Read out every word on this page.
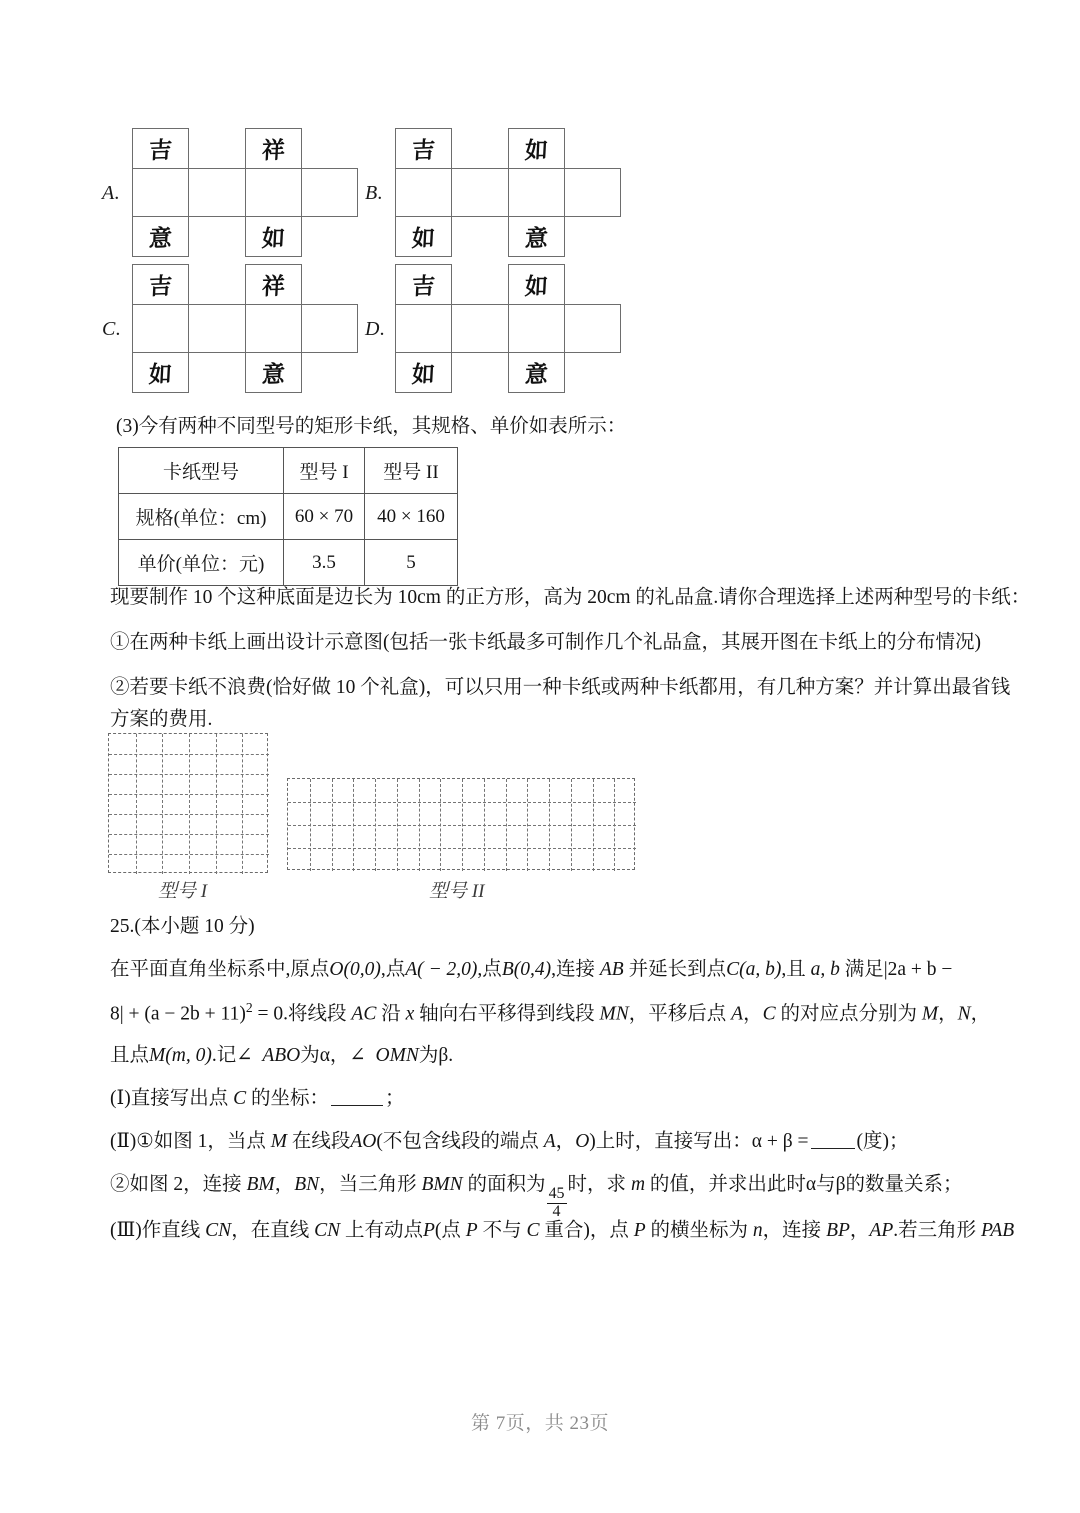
A.
吉	祥
意	如
B.
吉	如
如	意
C.
吉	祥
如	意
D.
吉	如
如	意
(3)今有两种不同型号的矩形卡纸，其规格、单价如表所示：
卡纸型号	型号 I	型号 II
规格(单位：cm)	60 × 70	40 × 160
单价(单位：元)	3.5	5
现要制作 10 个这种底面是边长为 10cm 的正方形，高为 20cm 的礼品盒.请你合理选择上述两种型号的卡纸：
①在两种卡纸上画出设计示意图(包括一张卡纸最多可制作几个礼品盒，其展开图在卡纸上的分布情况)
②若要卡纸不浪费(恰好做 10 个礼盒)，可以只用一种卡纸或两种卡纸都用，有几种方案？并计算出最省钱
方案的费用.
型号 I	型号 II
25.(本小题 10 分)
在平面直角坐标系中,原点O(0,0),点A( − 2,0),点B(0,4),连接 AB 并延长到点C(a, b),且 a, b 满足|2a + b −
$8| + (a - 2b + 11)^2 = 0$.将线段 AC 沿 x 轴向右平移得到线段 MN，平移后点 A，C 的对应点分别为 M，N，
且点M(m, 0).记∠ ABO为α，∠ OMN为β.
(Ⅰ)直接写出点 C 的坐标：	；
(Ⅱ)①如图 1，当点 M 在线段AO(不包含线段的端点 A，O)上时，直接写出：α + β = (度)；
②如图 2，连接 BM，BN，当三角形 BMN 的面积为
$\frac{45}{4}$
时，求 m 的值，并求出此时α与β的数量关系；
(Ⅲ)作直线 CN，在直线 CN 上有动点P(点 P 不与 C 重合)，点 P 的横坐标为 n，连接 BP，AP.若三角形 PAB
第 7页，共 23页
